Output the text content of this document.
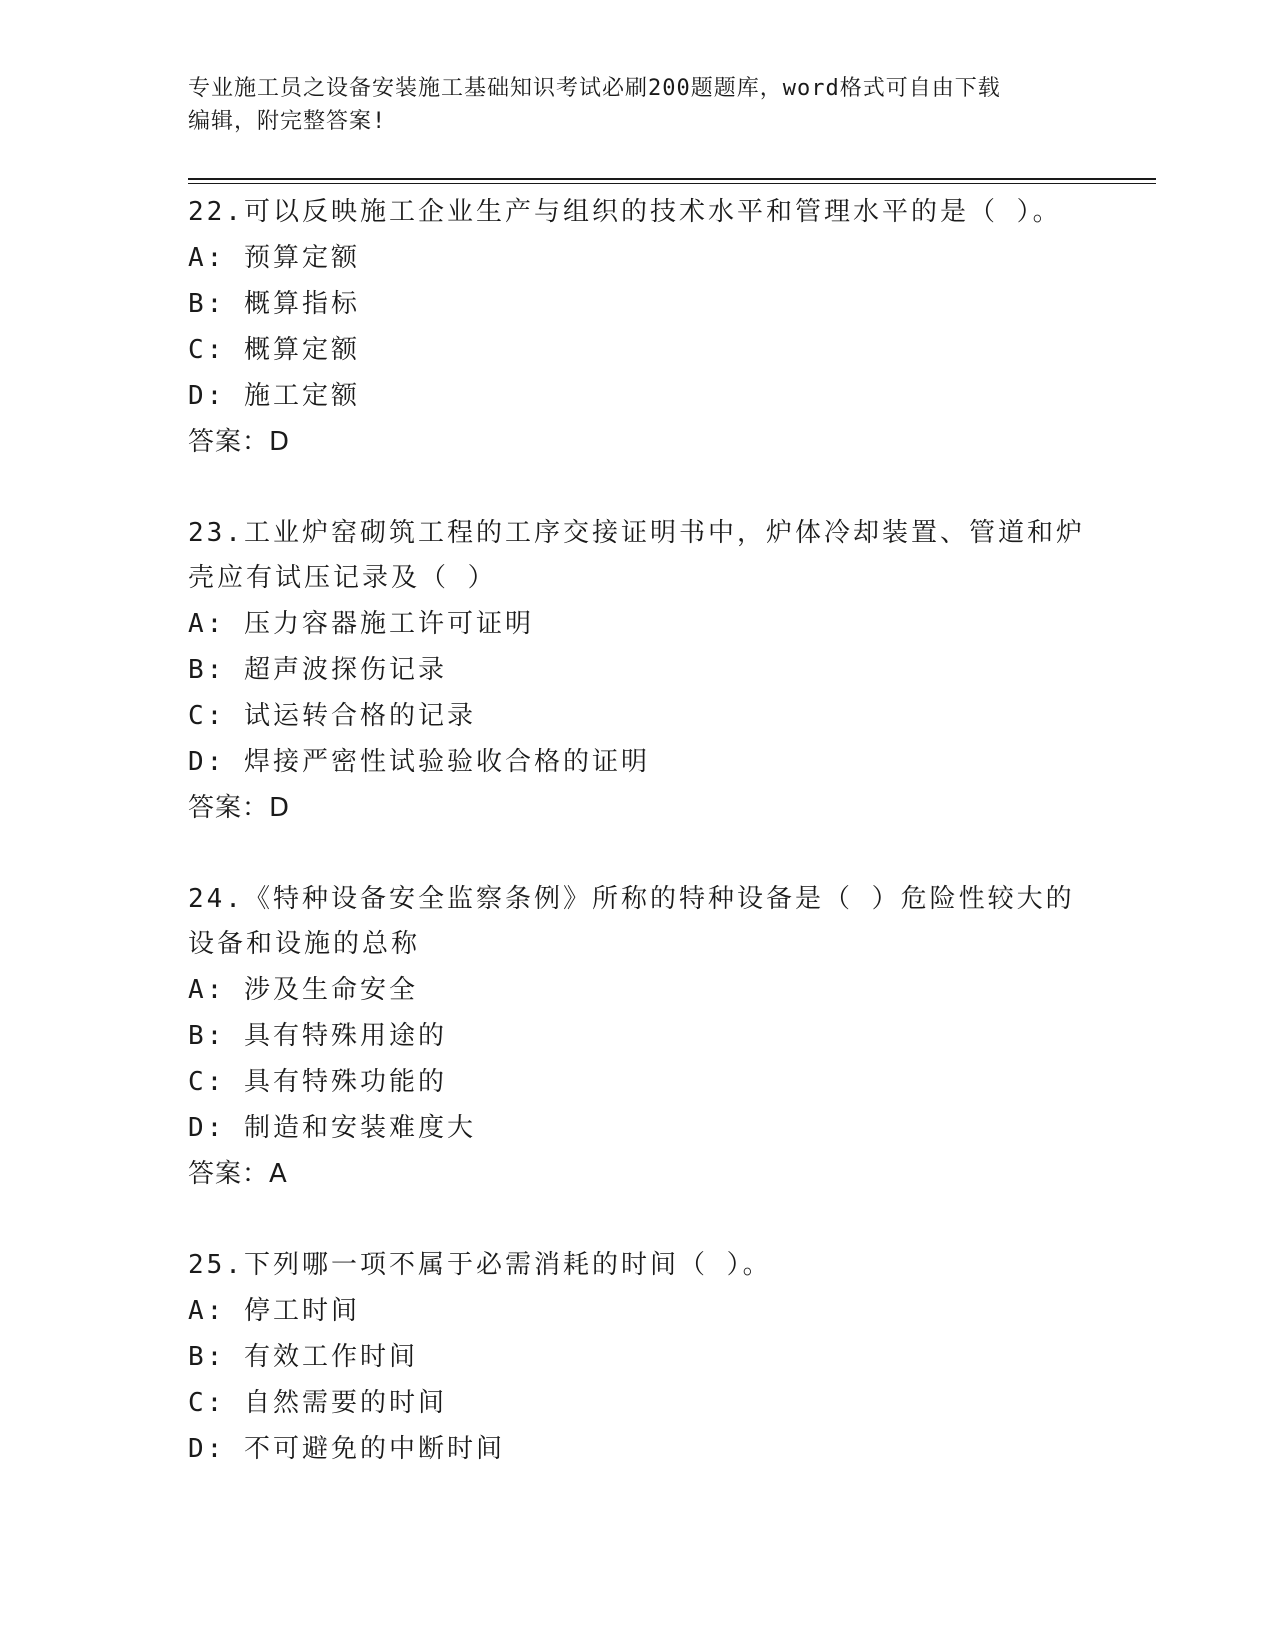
专业施工员之设备安装施工基础知识考试必刷200题题库，word格式可自由下载
编辑，附完整答案!

22.可以反映施工企业生产与组织的技术水平和管理水平的是（ ）。

A: 预算定额

B: 概算指标

C: 概算定额

D: 施工定额

答案：D

23.工业炉窑砌筑工程的工序交接证明书中，炉体冷却装置、管道和炉

壳应有试压记录及（ ）

A: 压力容器施工许可证明

B: 超声波探伤记录

C: 试运转合格的记录

D: 焊接严密性试验验收合格的证明

答案：D

24.《特种设备安全监察条例》所称的特种设备是（ ）危险性较大的

设备和设施的总称

A: 涉及生命安全

B: 具有特殊用途的

C: 具有特殊功能的

D: 制造和安装难度大

答案：A

25.下列哪一项不属于必需消耗的时间（ ）。

A: 停工时间

B: 有效工作时间

C: 自然需要的时间

D: 不可避免的中断时间
